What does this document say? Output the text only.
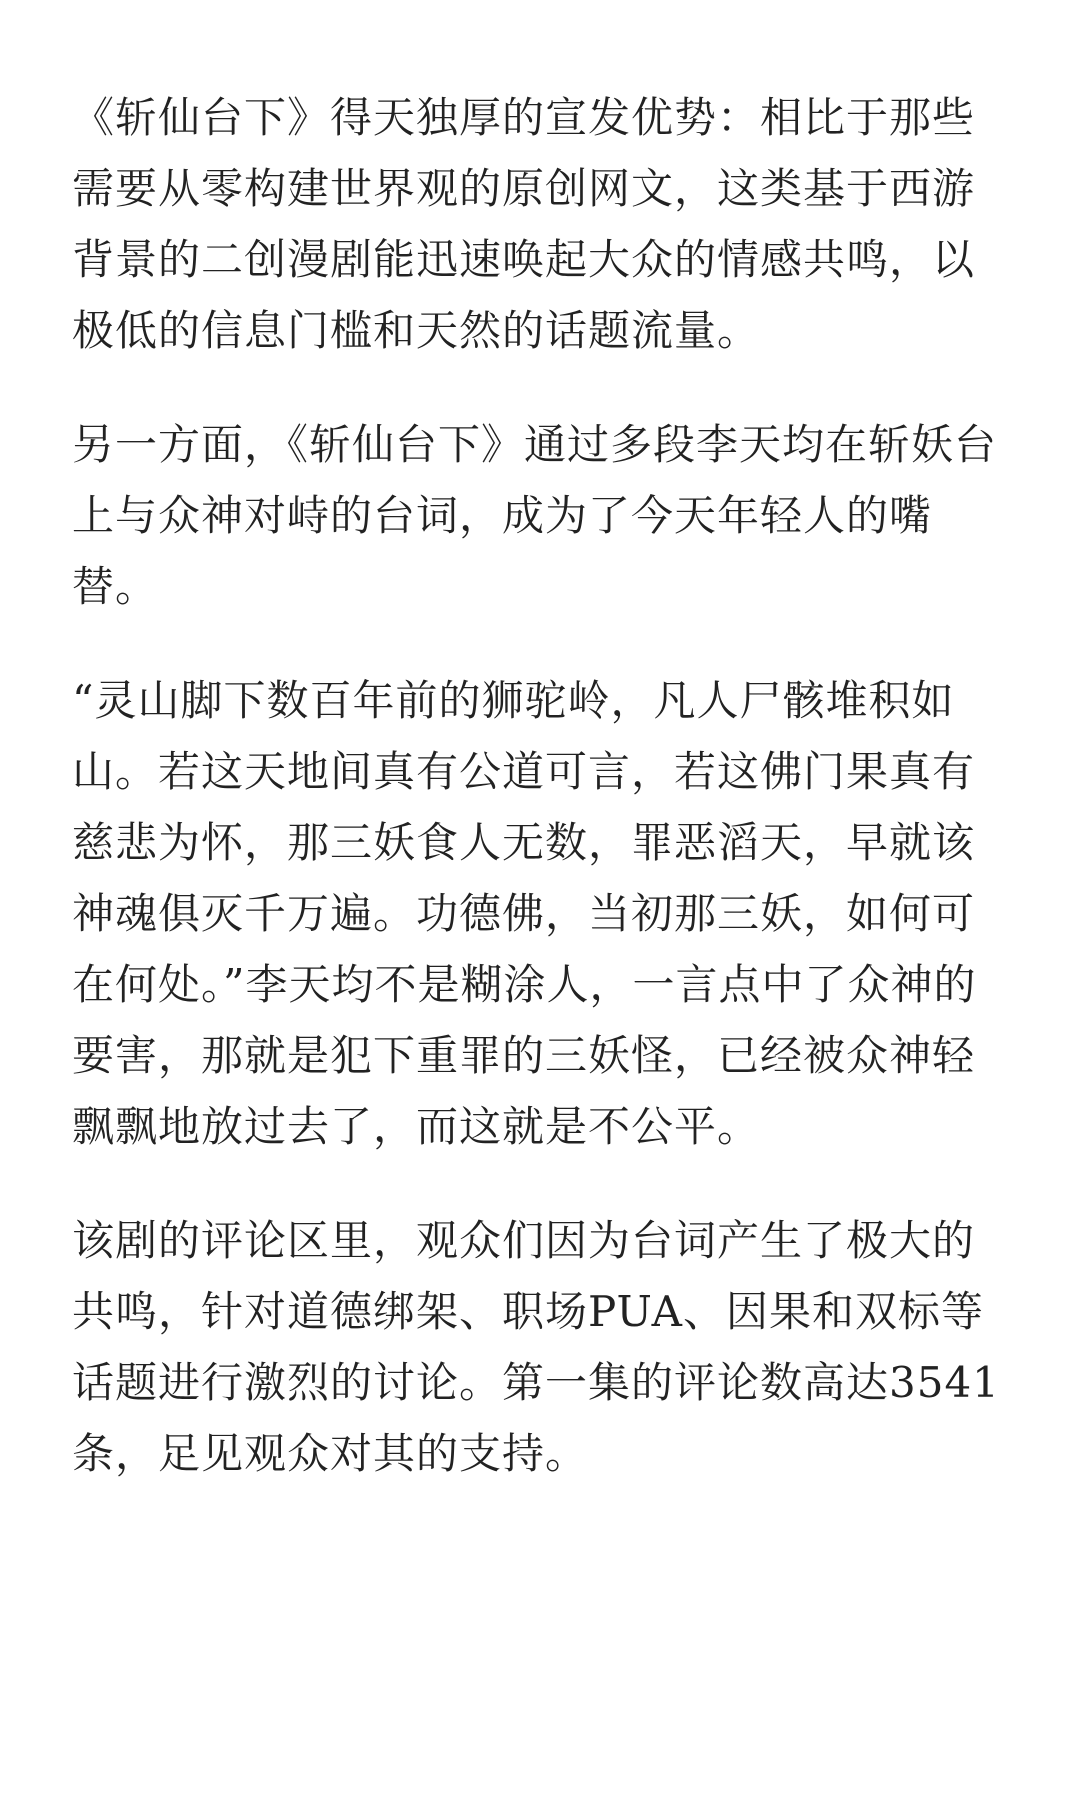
《斩仙台下》得天独厚的宣发优势：相比于那些需要从零构建世界观的原创网文，这类基于西游背景的二创漫剧能迅速唤起大众的情感共鸣，以极低的信息门槛和天然的话题流量。

另一方面，《斩仙台下》通过多段李天均在斩妖台上与众神对峙的台词，成为了今天年轻人的嘴替。

“灵山脚下数百年前的狮驼岭，凡人尸骸堆积如山。若这天地间真有公道可言，若这佛门果真有慈悲为怀，那三妖食人无数，罪恶滔天，早就该神魂俱灭千万遍。功德佛，当初那三妖，如何可在何处。”李天均不是糊涂人，一言点中了众神的要害，那就是犯下重罪的三妖怪，已经被众神轻飘飘地放过去了，而这就是不公平。

该剧的评论区里，观众们因为台词产生了极大的共鸣，针对道德绑架、职场PUA、因果和双标等话题进行激烈的讨论。第一集的评论数高达3541条，足见观众对其的支持。
